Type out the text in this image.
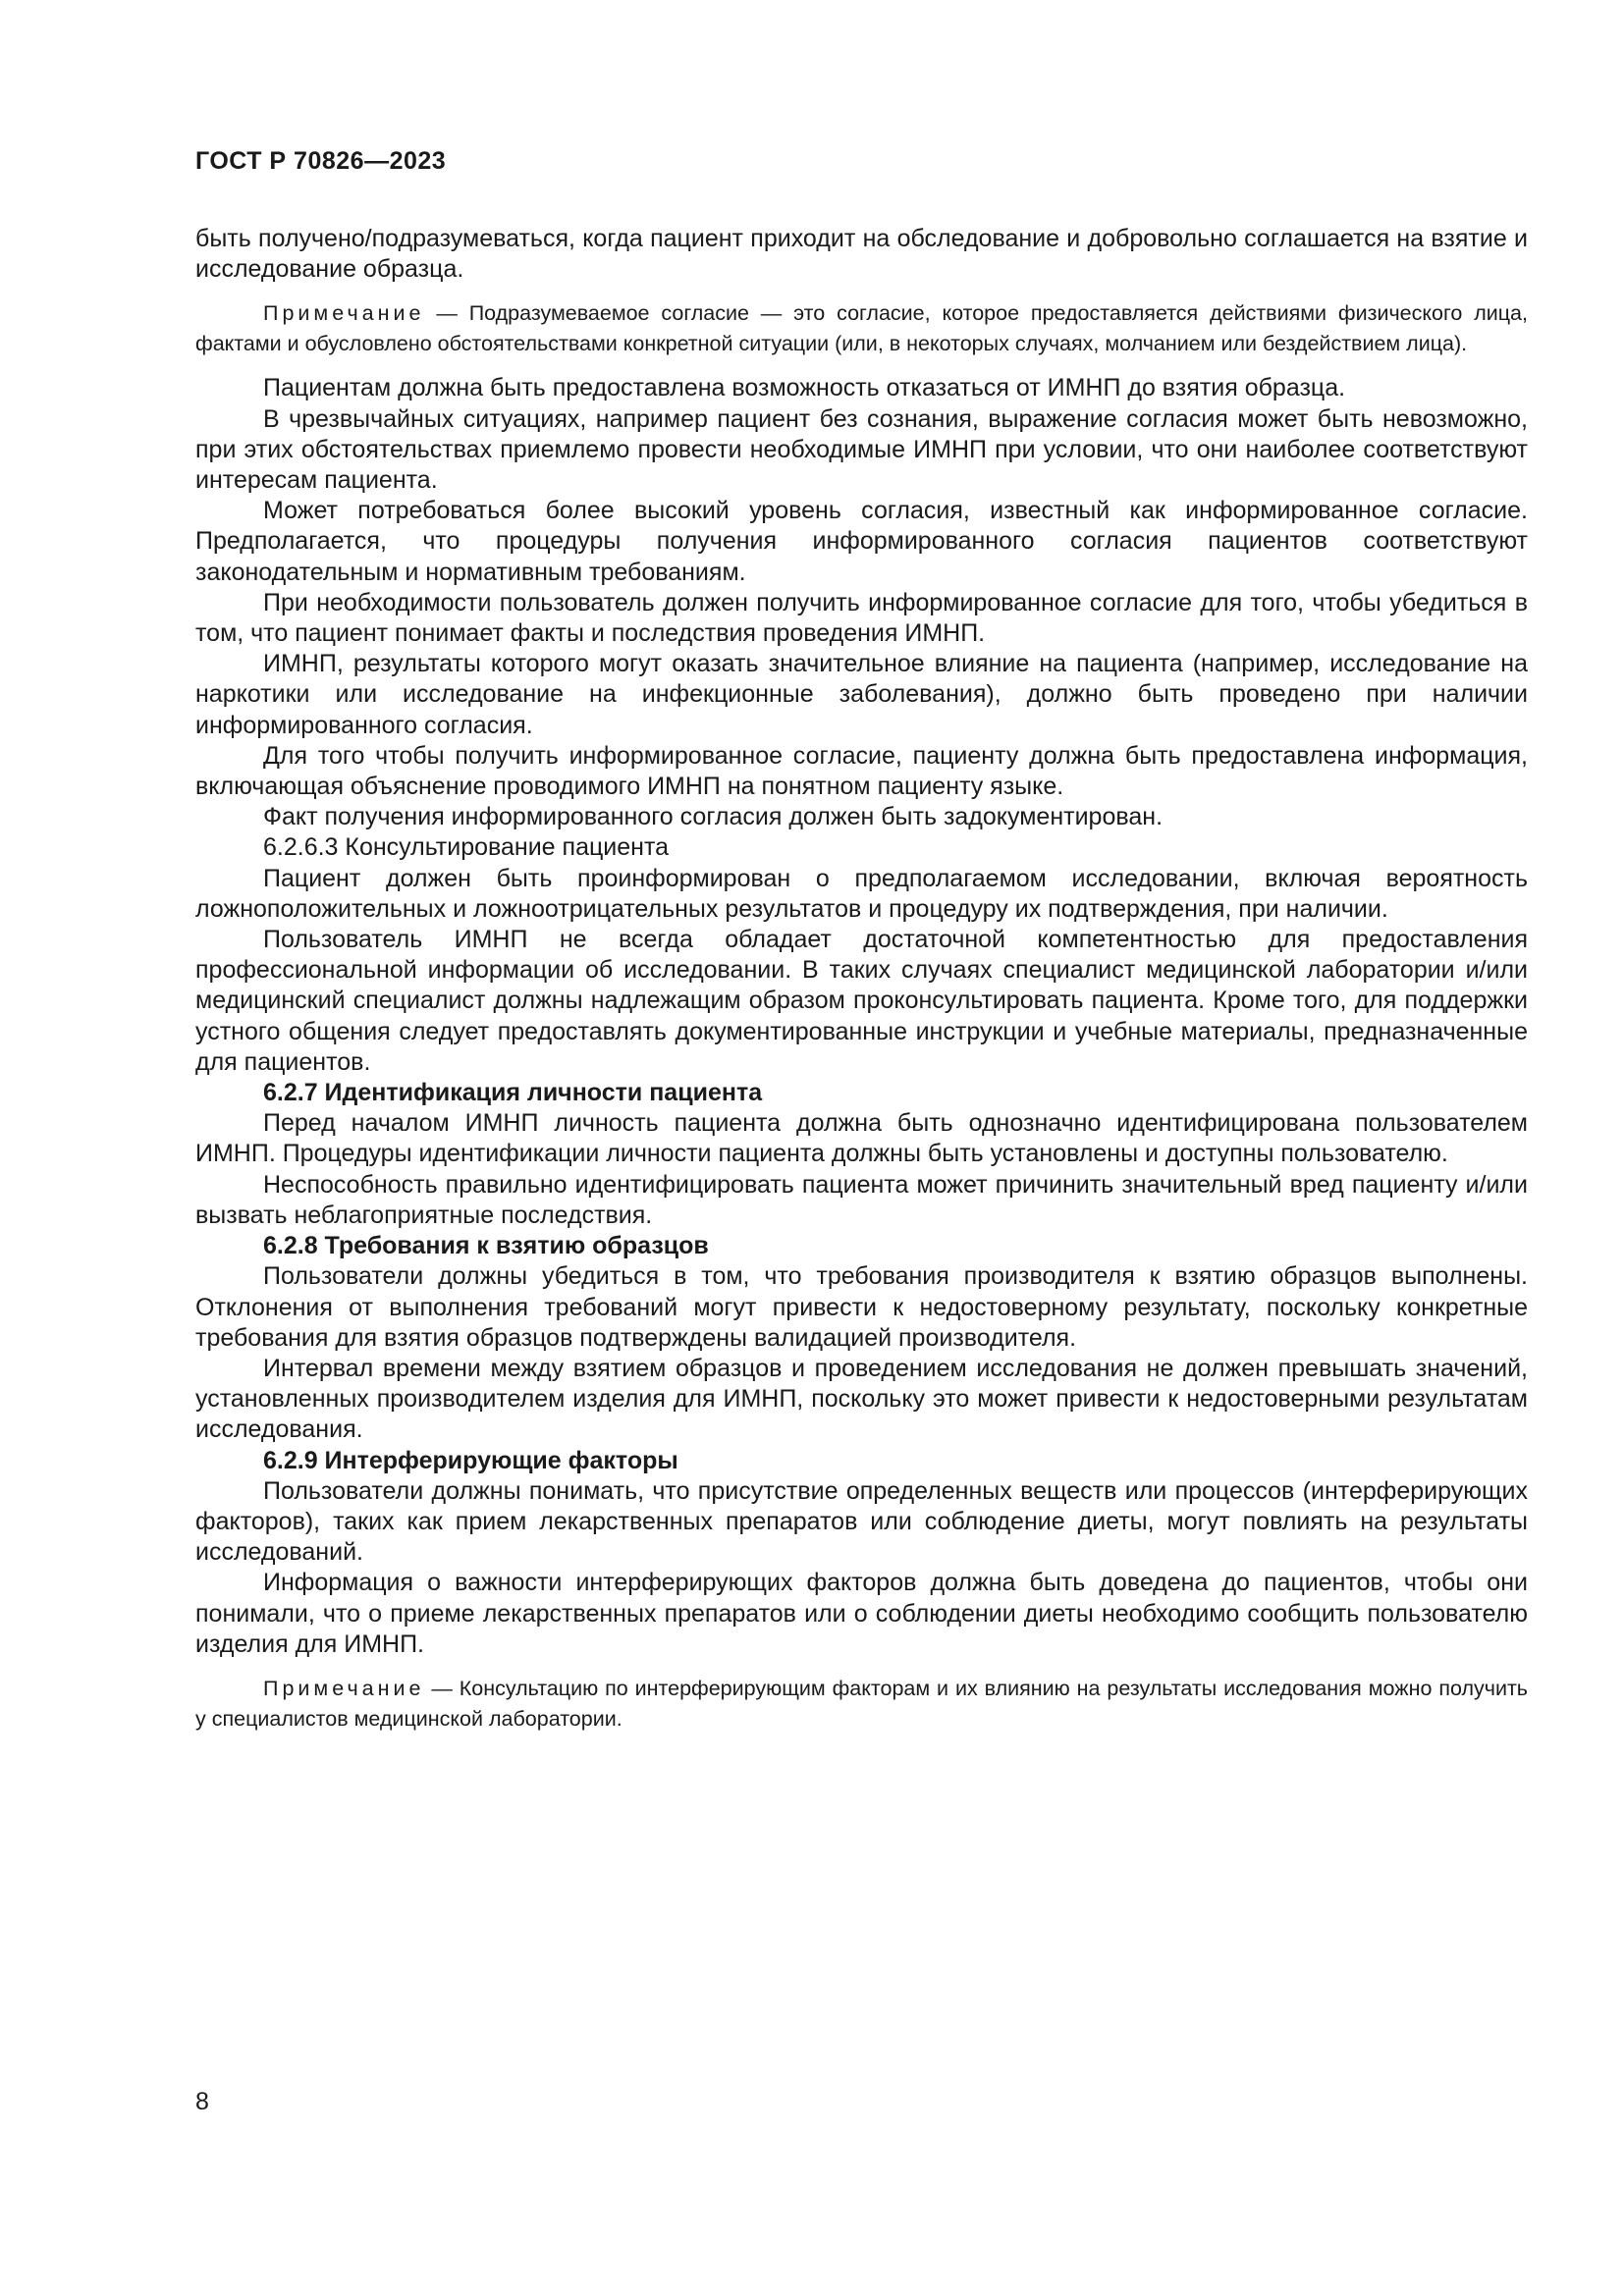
ГОСТ Р 70826—2023

быть получено/подразумеваться, когда пациент приходит на обследование и добровольно соглашается на взятие и исследование образца.

Примечание — Подразумеваемое согласие — это согласие, которое предоставляется действиями физического лица, фактами и обусловлено обстоятельствами конкретной ситуации (или, в некоторых случаях, молчанием или бездействием лица).

Пациентам должна быть предоставлена возможность отказаться от ИМНП до взятия образца.

В чрезвычайных ситуациях, например пациент без сознания, выражение согласия может быть невозможно, при этих обстоятельствах приемлемо провести необходимые ИМНП при условии, что они наиболее соответствуют интересам пациента.

Может потребоваться более высокий уровень согласия, известный как информированное согласие. Предполагается, что процедуры получения информированного согласия пациентов соответствуют законодательным и нормативным требованиям.

При необходимости пользователь должен получить информированное согласие для того, чтобы убедиться в том, что пациент понимает факты и последствия проведения ИМНП.

ИМНП, результаты которого могут оказать значительное влияние на пациента (например, исследование на наркотики или исследование на инфекционные заболевания), должно быть проведено при наличии информированного согласия.

Для того чтобы получить информированное согласие, пациенту должна быть предоставлена информация, включающая объяснение проводимого ИМНП на понятном пациенту языке.

Факт получения информированного согласия должен быть задокументирован.

6.2.6.3 Консультирование пациента

Пациент должен быть проинформирован о предполагаемом исследовании, включая вероятность ложноположительных и ложноотрицательных результатов и процедуру их подтверждения, при наличии.

Пользователь ИМНП не всегда обладает достаточной компетентностью для предоставления профессиональной информации об исследовании. В таких случаях специалист медицинской лаборатории и/или медицинский специалист должны надлежащим образом проконсультировать пациента. Кроме того, для поддержки устного общения следует предоставлять документированные инструкции и учебные материалы, предназначенные для пациентов.

6.2.7 Идентификация личности пациента

Перед началом ИМНП личность пациента должна быть однозначно идентифицирована пользователем ИМНП. Процедуры идентификации личности пациента должны быть установлены и доступны пользователю.

Неспособность правильно идентифицировать пациента может причинить значительный вред пациенту и/или вызвать неблагоприятные последствия.

6.2.8 Требования к взятию образцов

Пользователи должны убедиться в том, что требования производителя к взятию образцов выполнены. Отклонения от выполнения требований могут привести к недостоверному результату, поскольку конкретные требования для взятия образцов подтверждены валидацией производителя.

Интервал времени между взятием образцов и проведением исследования не должен превышать значений, установленных производителем изделия для ИМНП, поскольку это может привести к недостоверными результатам исследования.

6.2.9 Интерферирующие факторы

Пользователи должны понимать, что присутствие определенных веществ или процессов (интерферирующих факторов), таких как прием лекарственных препаратов или соблюдение диеты, могут повлиять на результаты исследований.

Информация о важности интерферирующих факторов должна быть доведена до пациентов, чтобы они понимали, что о приеме лекарственных препаратов или о соблюдении диеты необходимо сообщить пользователю изделия для ИМНП.

Примечание — Консультацию по интерферирующим факторам и их влиянию на результаты исследования можно получить у специалистов медицинской лаборатории.

8
